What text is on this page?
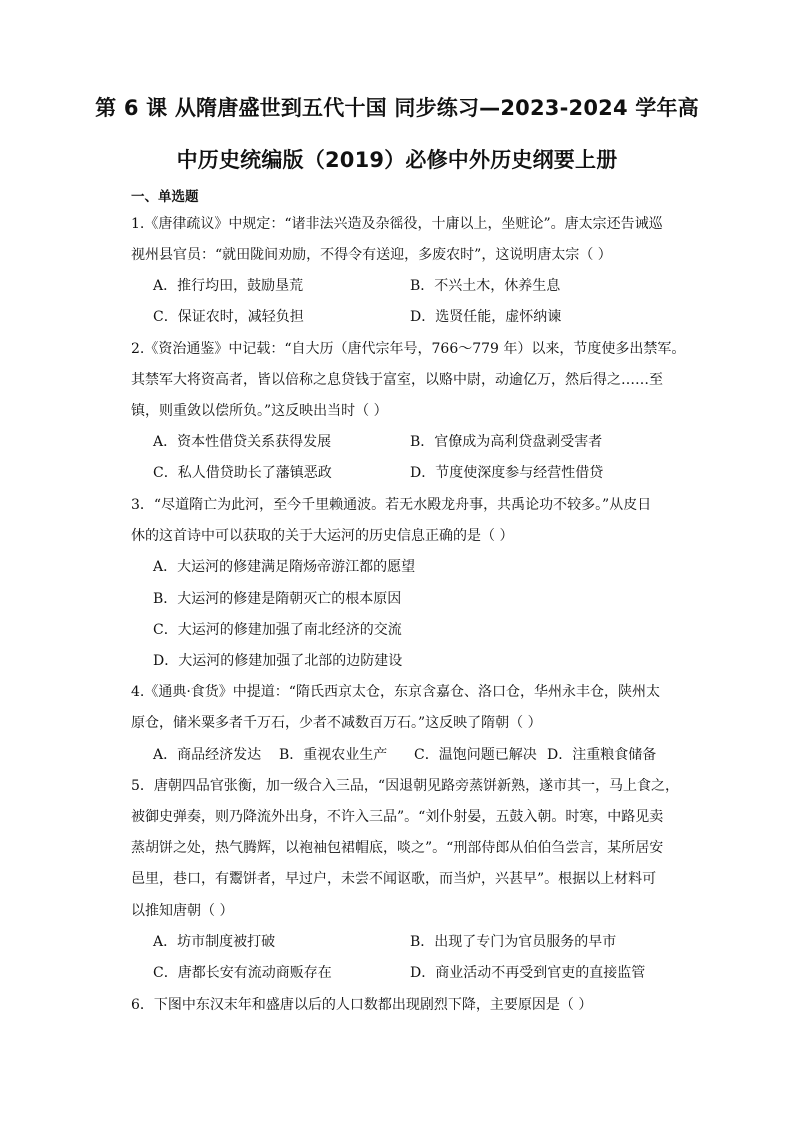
第 6 课 从隋唐盛世到五代十国 同步练习—2023-2024 学年高
中历史统编版（2019）必修中外历史纲要上册
一、单选题
1.《唐律疏议》中规定：“诸非法兴造及杂徭役，十庸以上，坐赃论”。唐太宗还告诫巡
视州县官员：“就田陇间劝励，不得令有送迎，多废农时”，这说明唐太宗（ ）
A．推行均田，鼓励垦荒	B．不兴土木，休养生息
C．保证农时，减轻负担	D．选贤任能，虚怀纳谏
2.《资治通鉴》中记载：“自大历（唐代宗年号，766～779 年）以来，节度使多出禁军。
其禁军大将资高者，皆以倍称之息贷钱于富室，以赂中尉，动逾亿万，然后得之……至
镇，则重敛以偿所负。”这反映出当时（ ）
A．资本性借贷关系获得发展	B．官僚成为高利贷盘剥受害者
C．私人借贷助长了藩镇恶政	D．节度使深度参与经营性借贷
3．“尽道隋亡为此河，至今千里赖通波。若无水殿龙舟事，共禹论功不较多。”从皮日
休的这首诗中可以获取的关于大运河的历史信息正确的是（ ）
A．大运河的修建满足隋炀帝游江都的愿望
B．大运河的修建是隋朝灭亡的根本原因
C．大运河的修建加强了南北经济的交流
D．大运河的修建加强了北部的边防建设
4.《通典·食货》中提道：“隋氏西京太仓，东京含嘉仓、洛口仓，华州永丰仓，陕州太
原仓，储米粟多者千万石，少者不减数百万石。”这反映了隋朝（ ）
A．商品经济发达 B．重视农业生产 C．温饱问题已解决 D．注重粮食储备
5．唐朝四品官张衡，加一级合入三品，“因退朝见路旁蒸饼新熟，遂市其一，马上食之，
被御史弹奏，则乃降流外出身，不许入三品”。“刘仆射晏，五鼓入朝。时寒，中路见卖
蒸胡饼之处，热气腾辉，以袍袖包裙帽底，啖之”。“刑部侍郎从伯伯刍尝言，某所居安
邑里，巷口，有鬻饼者，早过户，未尝不闻讴歌，而当炉，兴甚早”。根据以上材料可
以推知唐朝（ ）
A．坊市制度被打破	B．出现了专门为官员服务的早市
C．唐都长安有流动商贩存在	D．商业活动不再受到官吏的直接监管
6．下图中东汉末年和盛唐以后的人口数都出现剧烈下降，主要原因是（ ）
